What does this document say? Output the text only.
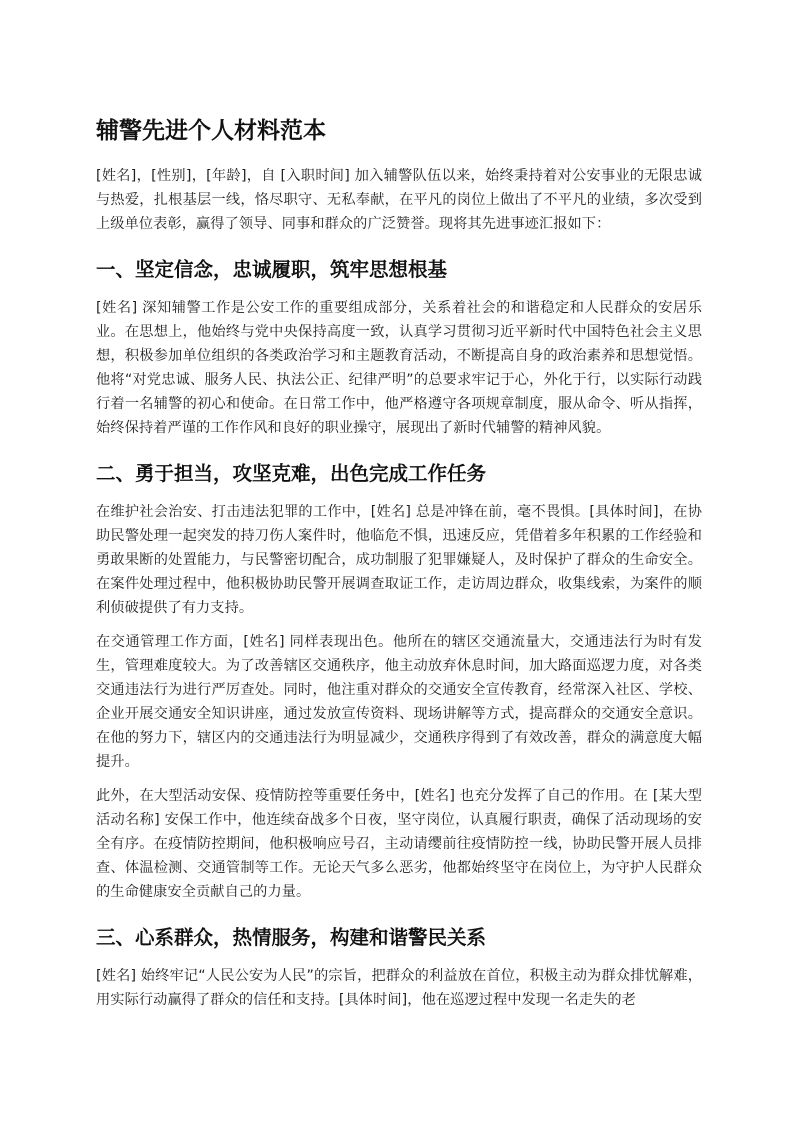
辅警先进个人材料范本

[姓名]，[性别]，[年龄]，自 [入职时间] 加入辅警队伍以来，始终秉持着对公安事业的无限忠诚与热爱，扎根基层一线，恪尽职守、无私奉献，在平凡的岗位上做出了不平凡的业绩，多次受到上级单位表彰，赢得了领导、同事和群众的广泛赞誉。现将其先进事迹汇报如下：

一、坚定信念，忠诚履职，筑牢思想根基

[姓名] 深知辅警工作是公安工作的重要组成部分，关系着社会的和谐稳定和人民群众的安居乐业。在思想上，他始终与党中央保持高度一致，认真学习贯彻习近平新时代中国特色社会主义思想，积极参加单位组织的各类政治学习和主题教育活动，不断提高自身的政治素养和思想觉悟。他将“对党忠诚、服务人民、执法公正、纪律严明”的总要求牢记于心，外化于行，以实际行动践行着一名辅警的初心和使命。在日常工作中，他严格遵守各项规章制度，服从命令、听从指挥，始终保持着严谨的工作作风和良好的职业操守，展现出了新时代辅警的精神风貌。

二、勇于担当，攻坚克难，出色完成工作任务

在维护社会治安、打击违法犯罪的工作中，[姓名] 总是冲锋在前，毫不畏惧。[具体时间]，在协助民警处理一起突发的持刀伤人案件时，他临危不惧，迅速反应，凭借着多年积累的工作经验和勇敢果断的处置能力，与民警密切配合，成功制服了犯罪嫌疑人，及时保护了群众的生命安全。在案件处理过程中，他积极协助民警开展调查取证工作，走访周边群众，收集线索，为案件的顺利侦破提供了有力支持。

在交通管理工作方面，[姓名] 同样表现出色。他所在的辖区交通流量大，交通违法行为时有发生，管理难度较大。为了改善辖区交通秩序，他主动放弃休息时间，加大路面巡逻力度，对各类交通违法行为进行严厉查处。同时，他注重对群众的交通安全宣传教育，经常深入社区、学校、企业开展交通安全知识讲座，通过发放宣传资料、现场讲解等方式，提高群众的交通安全意识。在他的努力下，辖区内的交通违法行为明显减少，交通秩序得到了有效改善，群众的满意度大幅提升。

此外，在大型活动安保、疫情防控等重要任务中，[姓名] 也充分发挥了自己的作用。在 [某大型活动名称] 安保工作中，他连续奋战多个日夜，坚守岗位，认真履行职责，确保了活动现场的安全有序。在疫情防控期间，他积极响应号召，主动请缨前往疫情防控一线，协助民警开展人员排查、体温检测、交通管制等工作。无论天气多么恶劣，他都始终坚守在岗位上，为守护人民群众的生命健康安全贡献自己的力量。

三、心系群众，热情服务，构建和谐警民关系

[姓名] 始终牢记“人民公安为人民”的宗旨，把群众的利益放在首位，积极主动为群众排忧解难，用实际行动赢得了群众的信任和支持。[具体时间]，他在巡逻过程中发现一名走失的老
